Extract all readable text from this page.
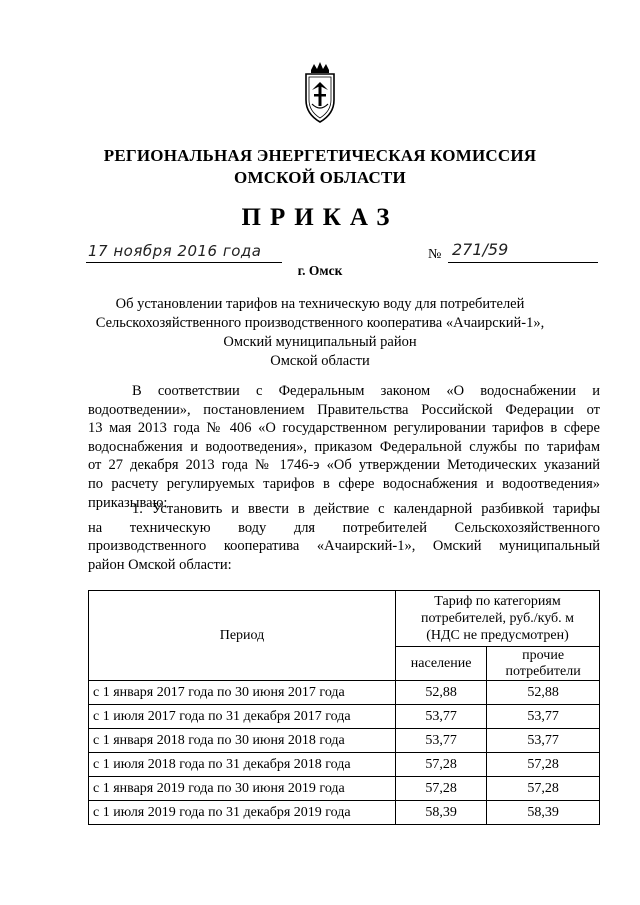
РЕГИОНАЛЬНАЯ ЭНЕРГЕТИЧЕСКАЯ КОМИССИЯ
ОМСКОЙ ОБЛАСТИ
ПРИКАЗ
17 ноября 2016 года	№ 271/59
г. Омск
Об установлении тарифов на техническую воду для потребителей
Сельскохозяйственного производственного кооператива «Ачаирский-1»,
Омский муниципальный район
Омской области
В соответствии с Федеральным законом «О водоснабжении и
водоотведении», постановлением Правительства Российской Федерации от
13 мая 2013 года № 406 «О государственном регулировании тарифов в сфере
водоснабжения и водоотведения», приказом Федеральной службы по тарифам
от 27 декабря 2013 года № 1746-э «Об утверждении Методических указаний
по расчету регулируемых тарифов в сфере водоснабжения и водоотведения»
приказываю:
1. Установить и ввести в действие с календарной разбивкой тарифы
на техническую воду для потребителей Сельскохозяйственного
производственного кооператива «Ачаирский-1», Омский муниципальный
район Омской области:
Период	Тариф по категориям
потребителей, руб./куб. м
(НДС не предусмотрен)	

	население	прочие
потребители

с 1 января 2017 года по 30 июня 2017 года	52,88	52,88
с 1 июля 2017 года по 31 декабря 2017 года	53,77	53,77
с 1 января 2018 года по 30 июня 2018 года	53,77	53,77
с 1 июля 2018 года по 31 декабря 2018 года	57,28	57,28
с 1 января 2019 года по 30 июня 2019 года	57,28	57,28
с 1 июля 2019 года по 31 декабря 2019 года	58,39	58,39
